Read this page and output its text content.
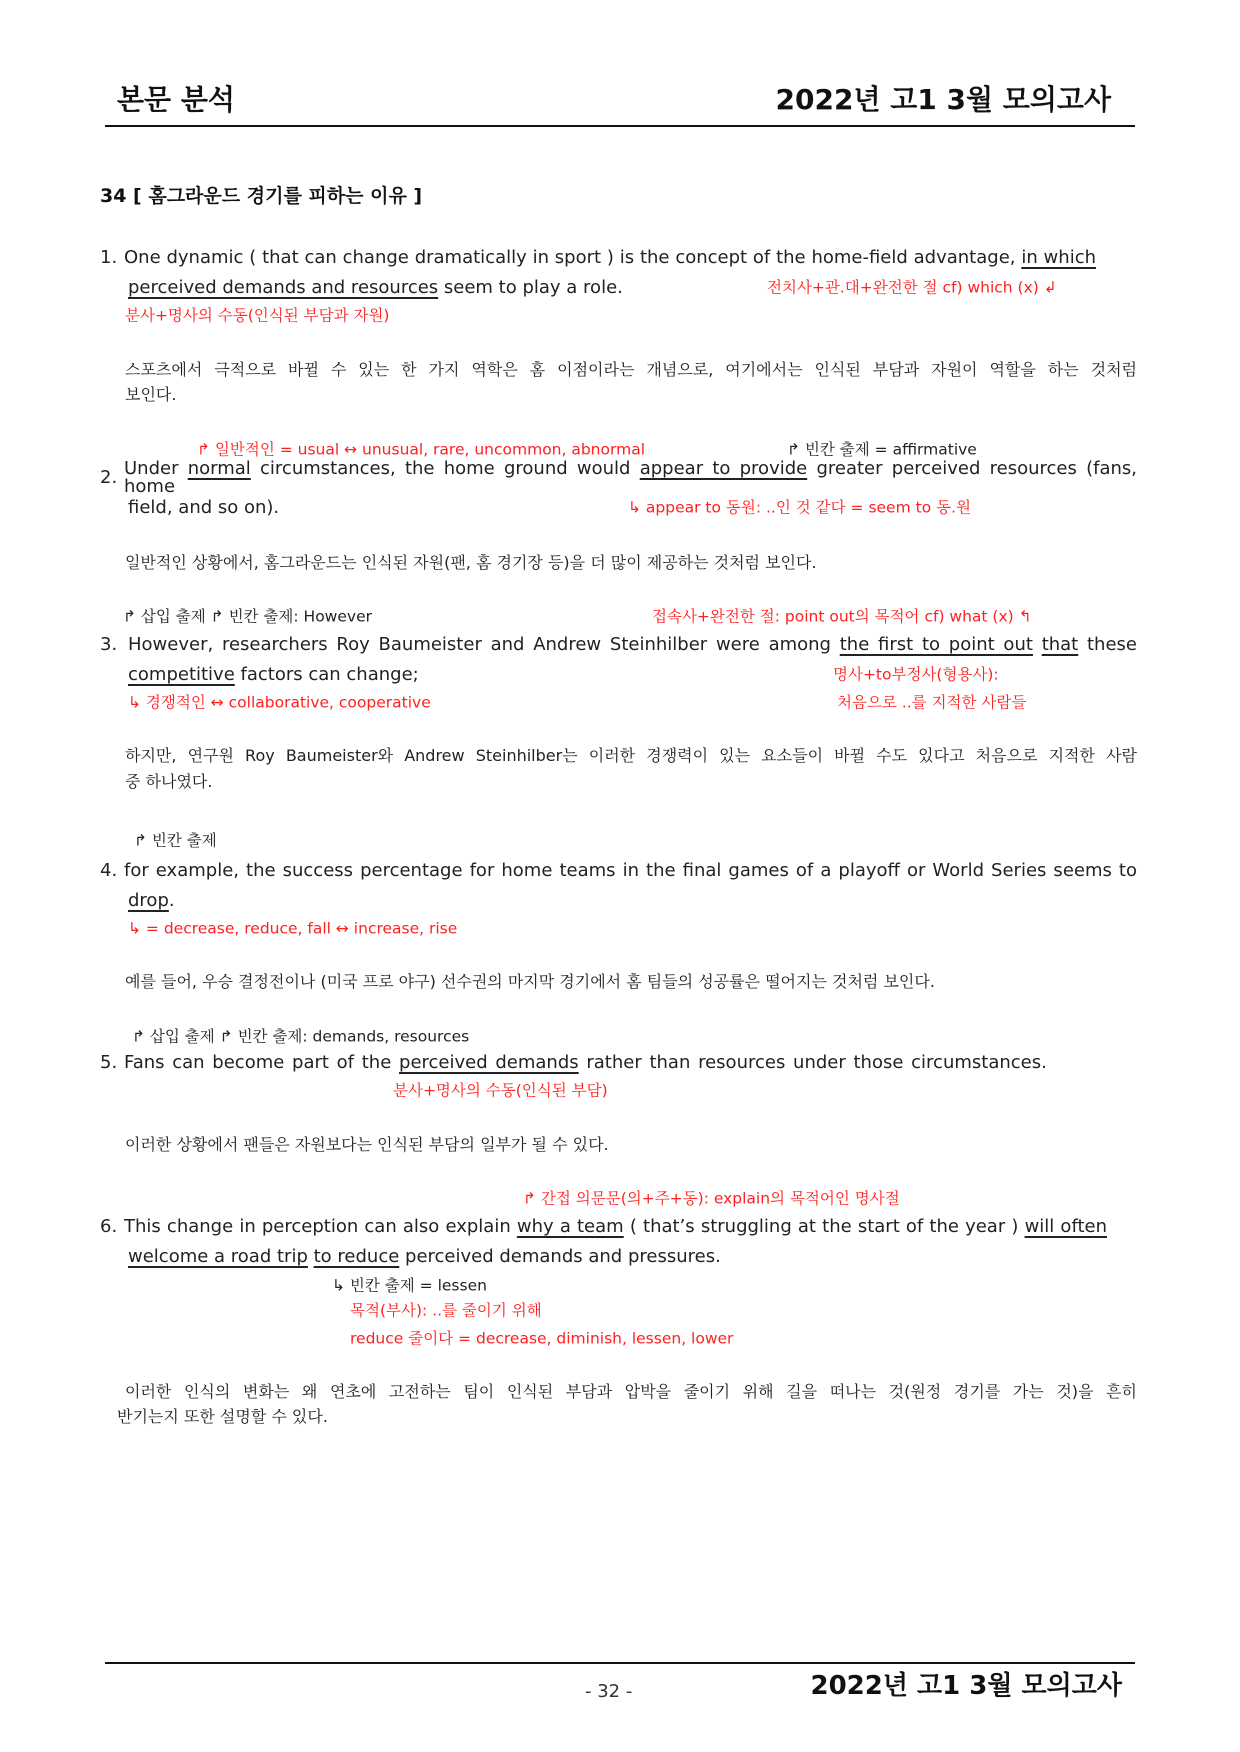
본문 분석	2022년 고1 3월 모의고사
34 [ 홈그라운드 경기를 피하는 이유 ]
1. One dynamic ( that can change dramatically in sport ) is the concept of the home-field advantage, in which
perceived demands and resources seem to play a role.	전치사+관.대+완전한 절 cf) which (x) ↲
분사+명사의 수동(인식된 부담과 자원)
스포츠에서 극적으로 바뀔 수 있는 한 가지 역학은 홈 이점이라는 개념으로, 여기에서는 인식된 부담과 자원이 역할을 하는 것처럼
보인다.
↱ 일반적인 = usual ↔ unusual, rare, uncommon, abnormal	↱ 빈칸 출제 = affirmative
2. Under normal circumstances, the home ground would appear to provide greater perceived resources (fans, home
field, and so on).	↳ appear to 동원: ..인 것 같다 = seem to 동.원
일반적인 상황에서, 홈그라운드는 인식된 자원(팬, 홈 경기장 등)을 더 많이 제공하는 것처럼 보인다.
↱ 삽입 출제 ↱ 빈칸 출제: However	접속사+완전한 절: point out의 목적어 cf) what (x) ↰
3. However, researchers Roy Baumeister and Andrew Steinhilber were among the first to point out that these
competitive factors can change;	명사+to부정사(형용사):
↳ 경쟁적인 ↔ collaborative, cooperative	처음으로 ..를 지적한 사람들
하지만, 연구원 Roy Baumeister와 Andrew Steinhilber는 이러한 경쟁력이 있는 요소들이 바뀔 수도 있다고 처음으로 지적한 사람
중 하나였다.
↱ 빈칸 출제
4. for example, the success percentage for home teams in the final games of a playoff or World Series seems to
drop.
↳ = decrease, reduce, fall ↔ increase, rise
예를 들어, 우승 결정전이나 (미국 프로 야구) 선수권의 마지막 경기에서 홈 팀들의 성공률은 떨어지는 것처럼 보인다.
↱ 삽입 출제 ↱ 빈칸 출제: demands, resources
5. Fans can become part of the perceived demands rather than resources under those circumstances.
분사+명사의 수동(인식된 부담)
이러한 상황에서 팬들은 자원보다는 인식된 부담의 일부가 될 수 있다.
↱ 간접 의문문(의+주+동): explain의 목적어인 명사절
6. This change in perception can also explain why a team ( that’s struggling at the start of the year ) will often
welcome a road trip to reduce perceived demands and pressures.
↳ 빈칸 출제 = lessen
목적(부사): ..를 줄이기 위해
reduce 줄이다 = decrease, diminish, lessen, lower
이러한 인식의 변화는 왜 연초에 고전하는 팀이 인식된 부담과 압박을 줄이기 위해 길을 떠나는 것(원정 경기를 가는 것)을 흔히
반기는지 또한 설명할 수 있다.
- 32 -	2022년 고1 3월 모의고사
